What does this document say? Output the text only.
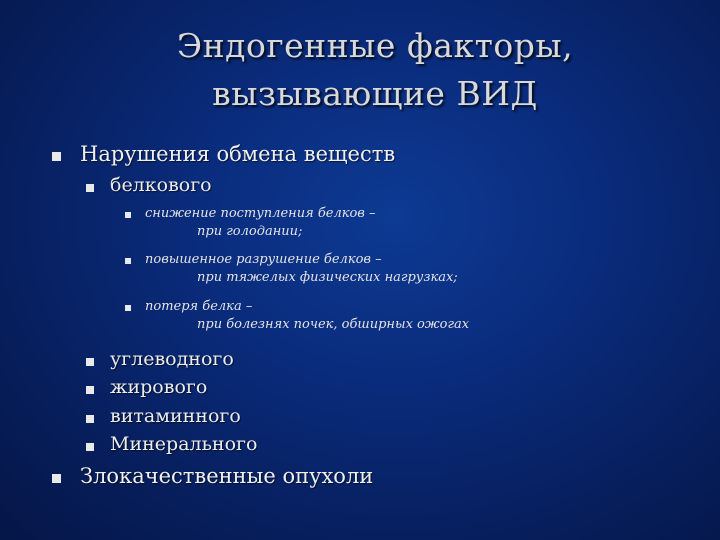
Эндогенные факторы,
вызывающие ВИД
Нарушения обмена веществ
белкового
снижение поступления белков –
при голодании;
повышенное разрушение белков –
при тяжелых физических нагрузках;
потеря белка –
при болезнях почек, обширных ожогах
углеводного
жирового
витаминного
Минерального
Злокачественные опухоли
